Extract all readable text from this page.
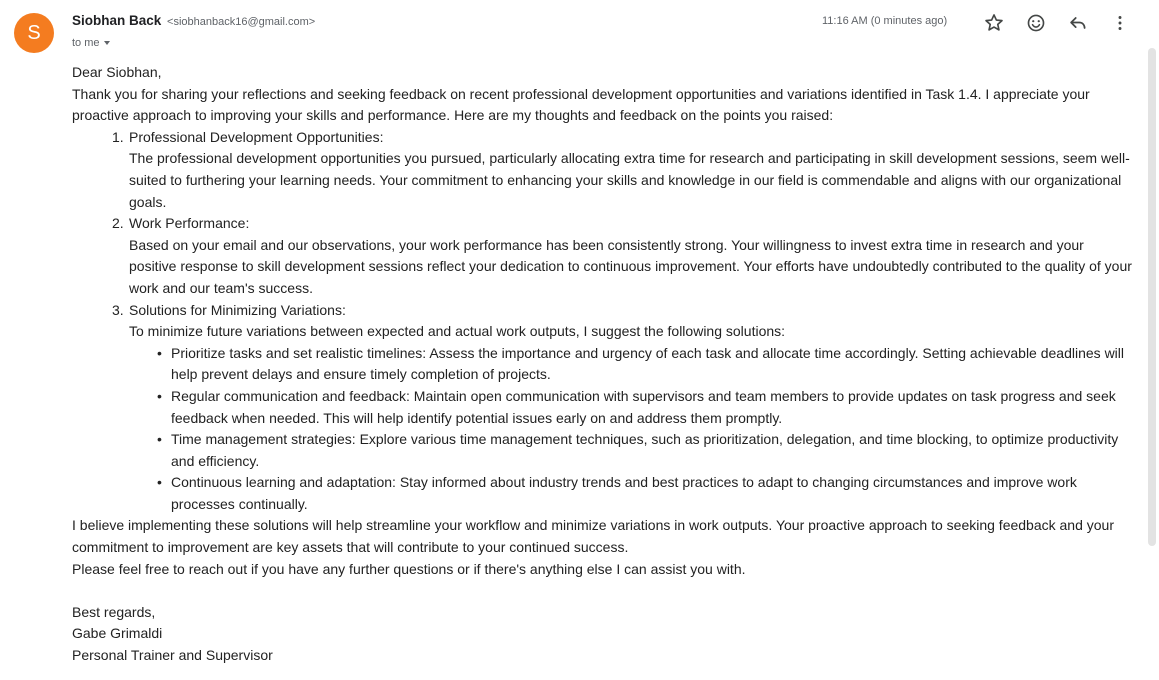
S
Siobhan Back <siobhanback16@gmail.com>
to me
11:16 AM (0 minutes ago)

Dear Siobhan,

Thank you for sharing your reflections and seeking feedback on recent professional development opportunities and variations identified in Task 1.4. I appreciate your proactive approach to improving your skills and performance. Here are my thoughts and feedback on the points you raised:

1. Professional Development Opportunities:
The professional development opportunities you pursued, particularly allocating extra time for research and participating in skill development sessions, seem well-suited to furthering your learning needs. Your commitment to enhancing your skills and knowledge in our field is commendable and aligns with our organizational goals.
2. Work Performance:
Based on your email and our observations, your work performance has been consistently strong. Your willingness to invest extra time in research and your positive response to skill development sessions reflect your dedication to continuous improvement. Your efforts have undoubtedly contributed to the quality of your work and our team's success.
3. Solutions for Minimizing Variations:
To minimize future variations between expected and actual work outputs, I suggest the following solutions:
• Prioritize tasks and set realistic timelines: Assess the importance and urgency of each task and allocate time accordingly. Setting achievable deadlines will help prevent delays and ensure timely completion of projects.
• Regular communication and feedback: Maintain open communication with supervisors and team members to provide updates on task progress and seek feedback when needed. This will help identify potential issues early on and address them promptly.
• Time management strategies: Explore various time management techniques, such as prioritization, delegation, and time blocking, to optimize productivity and efficiency.
• Continuous learning and adaptation: Stay informed about industry trends and best practices to adapt to changing circumstances and improve work processes continually.

I believe implementing these solutions will help streamline your workflow and minimize variations in work outputs. Your proactive approach to seeking feedback and your commitment to improvement are key assets that will contribute to your continued success.

Please feel free to reach out if you have any further questions or if there's anything else I can assist you with.

Best regards,

Gabe Grimaldi

Personal Trainer and Supervisor
